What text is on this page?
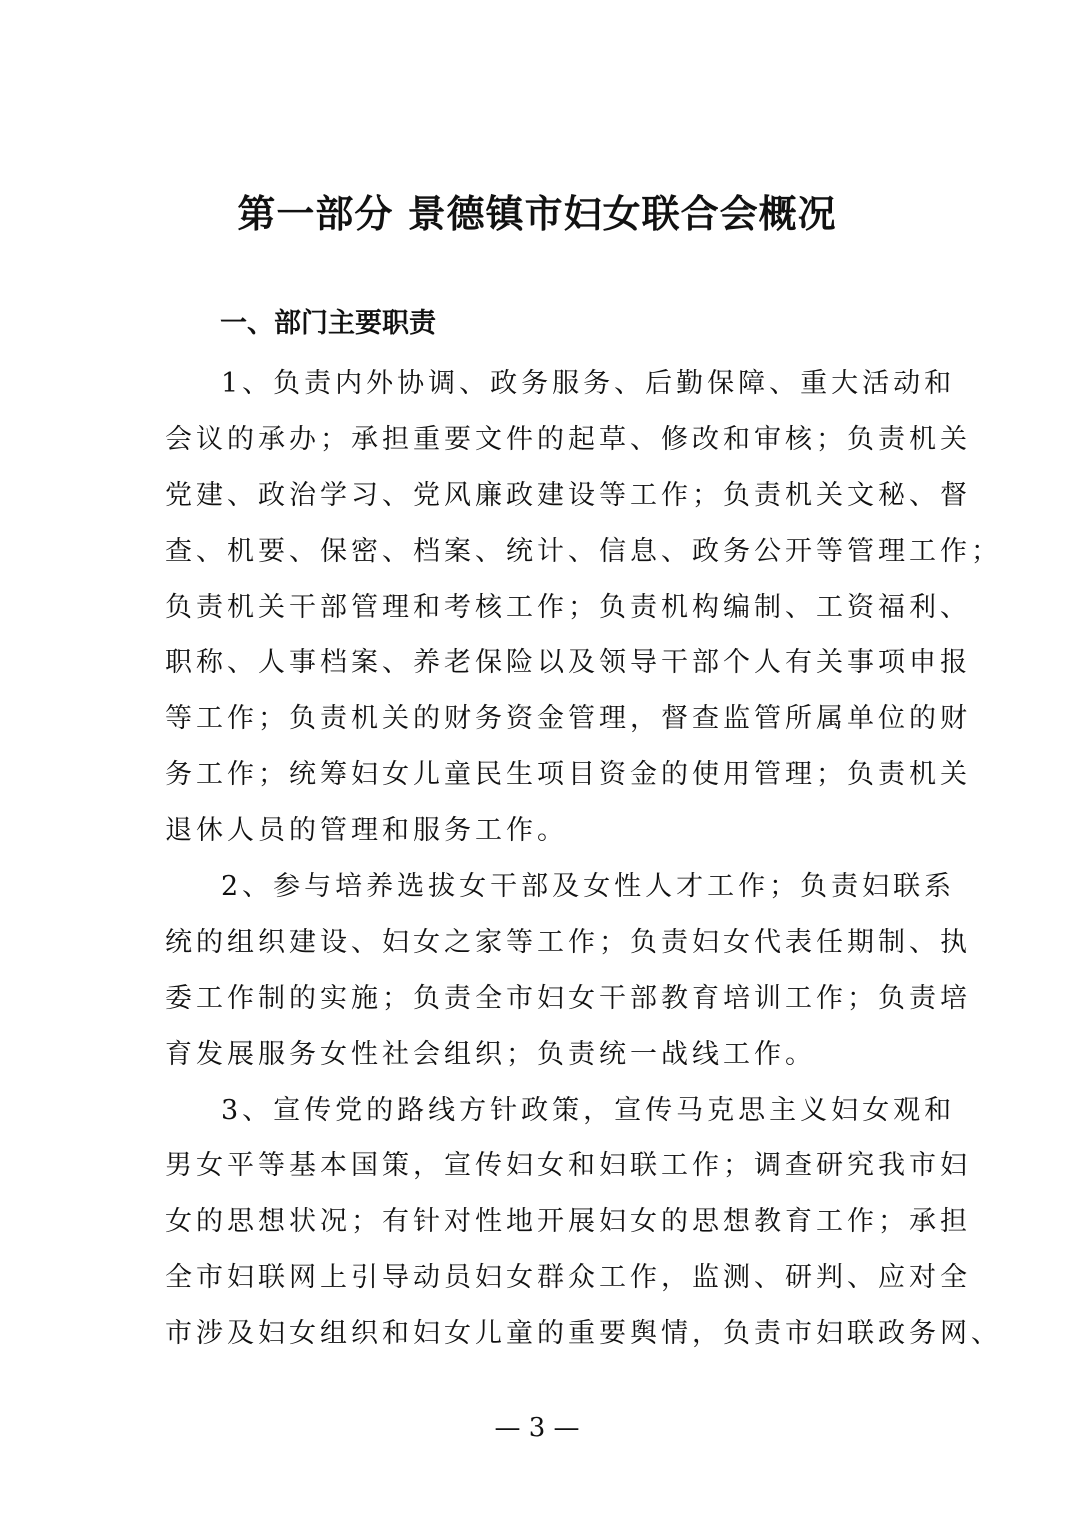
第一部分 景德镇市妇女联合会概况
一、部门主要职责
1、负责内外协调、政务服务、后勤保障、重大活动和
会议的承办；承担重要文件的起草、修改和审核；负责机关
党建、政治学习、党风廉政建设等工作；负责机关文秘、督
查、机要、保密、档案、统计、信息、政务公开等管理工作；
负责机关干部管理和考核工作；负责机构编制、工资福利、
职称、人事档案、养老保险以及领导干部个人有关事项申报
等工作；负责机关的财务资金管理，督查监管所属单位的财
务工作；统筹妇女儿童民生项目资金的使用管理；负责机关
退休人员的管理和服务工作。
2、参与培养选拔女干部及女性人才工作；负责妇联系
统的组织建设、妇女之家等工作；负责妇女代表任期制、执
委工作制的实施；负责全市妇女干部教育培训工作；负责培
育发展服务女性社会组织；负责统一战线工作。
3、宣传党的路线方针政策，宣传马克思主义妇女观和
男女平等基本国策，宣传妇女和妇联工作；调查研究我市妇
女的思想状况；有针对性地开展妇女的思想教育工作；承担
全市妇联网上引导动员妇女群众工作，监测、研判、应对全
市涉及妇女组织和妇女儿童的重要舆情，负责市妇联政务网、
— 3 —
